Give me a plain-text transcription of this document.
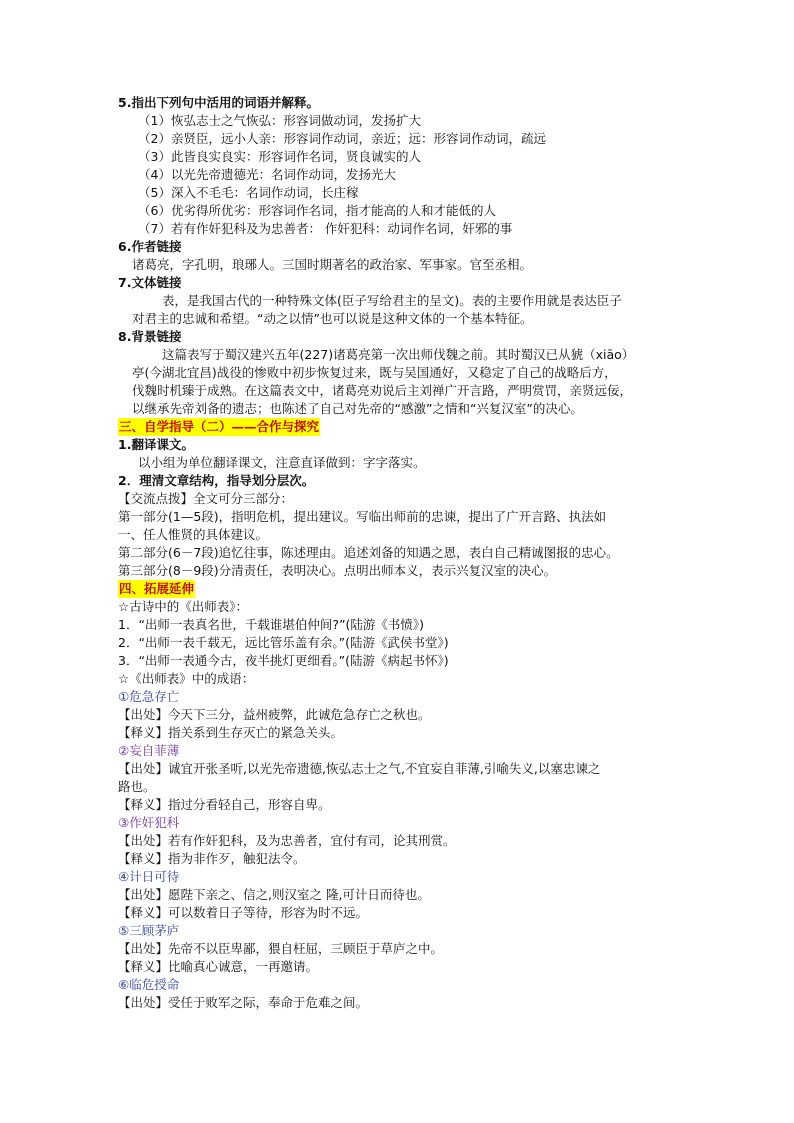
5.指出下列句中活用的词语并解释。
（1）恢弘志士之气恢弘：形容词做动词，发扬扩大
（2）亲贤臣，远小人亲：形容词作动词，亲近；远：形容词作动词，疏远
（3）此皆良实良实：形容词作名词，贤良诚实的人
（4）以光先帝遗德光：名词作动词，发扬光大
（5）深入不毛毛：名词作动词，长庄稼
（6）优劣得所优劣：形容词作名词，指才能高的人和才能低的人
（7）若有作奸犯科及为忠善者： 作奸犯科：动词作名词，奸邪的事
6.作者链接
诸葛亮，字孔明，琅琊人。三国时期著名的政治家、军事家。官至丞相。
7.文体链接
表，是我国古代的一种特殊文体(臣子写给君主的呈文)。表的主要作用就是表达臣子
对君主的忠诚和希望。“动之以情”也可以说是这种文体的一个基本特征。
8.背景链接
这篇表写于蜀汉建兴五年(227)诸葛亮第一次出师伐魏之前。其时蜀汉已从猇（xiāo）
亭(今湖北宜昌)战役的惨败中初步恢复过来，既与吴国通好，又稳定了自己的战略后方，
伐魏时机臻于成熟。在这篇表文中，诸葛亮劝说后主刘禅广开言路，严明赏罚，亲贤远佞，
以继承先帝刘备的遗志；也陈述了自己对先帝的“感激”之情和“兴复汉室”的决心。
三、自学指导（二）——合作与探究
1.翻译课文。
以小组为单位翻译课文，注意直译做到：字字落实。
2．理清文章结构，指导划分层次。
【交流点拨】全文可分三部分：
第一部分(1—5段)，指明危机，提出建议。写临出师前的忠谏，提出了广开言路、执法如
一、任人惟贤的具体建议。
第二部分(6－7段)追忆往事，陈述理由。追述刘备的知遇之恩，表白自己精诚图报的忠心。
第三部分(8－9段)分清责任，表明决心。点明出师本义，表示兴复汉室的决心。
四、拓展延伸
☆古诗中的《出师表》：
1．“出师一表真名世，千载谁堪伯仲间?”(陆游《书愤》)
2．“出师一表千载无，远比管乐盖有余。”(陆游《武侯书堂》)
3．“出师一表通今古，夜半挑灯更细看。”(陆游《病起书怀》)
☆《出师表》中的成语：
①危急存亡
【出处】今天下三分，益州疲弊，此诚危急存亡之秋也。
【释义】指关系到生存灭亡的紧急关头。
②妄自菲薄
【出处】诚宜开张圣听,以光先帝遗德,恢弘志士之气,不宜妄自菲薄,引喻失义,以塞忠谏之
路也。
【释义】指过分看轻自己，形容自卑。
③作奸犯科
【出处】若有作奸犯科，及为忠善者，宜付有司，论其刑赏。
【释义】指为非作歹，触犯法令。
④计日可待
【出处】愿陛下亲之、信之,则汉室之 隆,可计日而待也。
【释义】可以数着日子等待，形容为时不远。
⑤三顾茅庐
【出处】先帝不以臣卑鄙，猥自枉屈，三顾臣于草庐之中。
【释义】比喻真心诚意，一再邀请。
⑥临危授命
【出处】受任于败军之际，奉命于危难之间。
